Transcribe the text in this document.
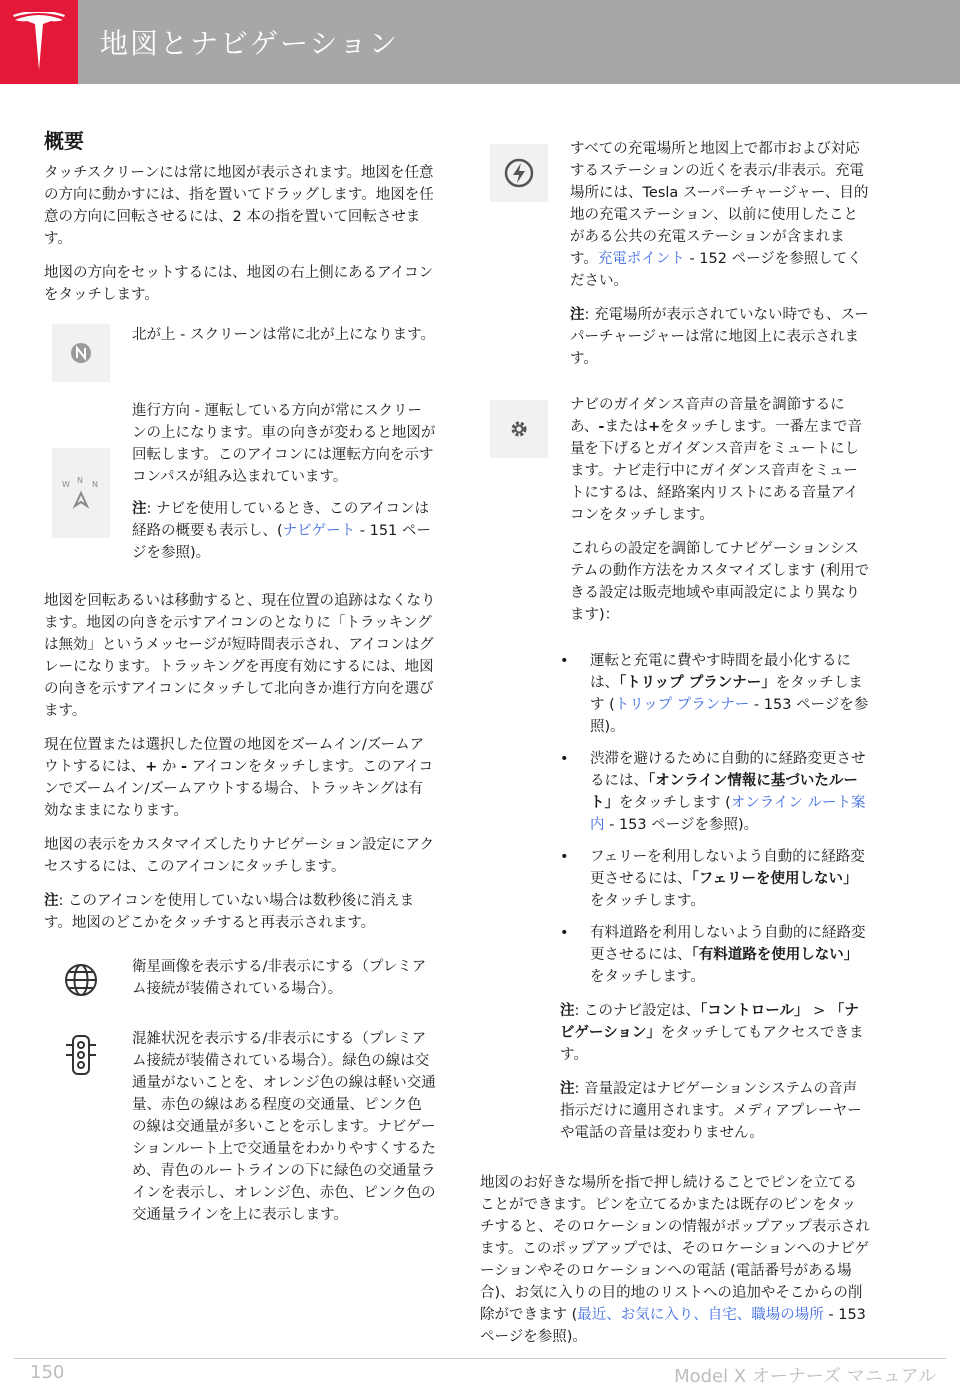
地図とナビゲーション
概要

タッチスクリーンには常に地図が表示されます。地図を任意の方向に動かすには、指を置いてドラッグします。地図を任意の方向に回転させるには、2 本の指を置いて回転させます。

地図の方向をセットするには、地図の右上側にあるアイコンをタッチします。

北が上 - スクリーンは常に北が上になります。

W N N

進行方向 - 運転している方向が常にスクリーンの上になります。車の向きが変わると地図が回転します。このアイコンには運転方向を示すコンパスが組み込まれています。

注: ナビを使用しているとき、このアイコンは経路の概要も表示し、(ナビゲート - 151 ページを参照)。

地図を回転あるいは移動すると、現在位置の追跡はなくなります。地図の向きを示すアイコンのとなりに「トラッキングは無効」というメッセージが短時間表示され、アイコンはグレーになります。トラッキングを再度有効にするには、地図の向きを示すアイコンにタッチして北向きか進行方向を選びます。

現在位置または選択した位置の地図をズームイン/ズームアウトするには、+ か - アイコンをタッチします。このアイコンでズームイン/ズームアウトする場合、トラッキングは有効なままになります。

地図の表示をカスタマイズしたりナビゲーション設定にアクセスするには、このアイコンにタッチします。

注: このアイコンを使用していない場合は数秒後に消えます。地図のどこかをタッチすると再表示されます。

衛星画像を表示する/非表示にする（プレミアム接続が装備されている場合）。

混雑状況を表示する/非表示にする（プレミアム接続が装備されている場合）。緑色の線は交通量がないことを、オレンジ色の線は軽い交通量、赤色の線はある程度の交通量、ピンク色の線は交通量が多いことを示します。ナビゲーションルート上で交通量をわかりやすくするため、青色のルートラインの下に緑色の交通量ラインを表示し、オレンジ色、赤色、ピンク色の交通量ラインを上に表示します。

すべての充電場所と地図上で都市および対応するステーションの近くを表示/非表示。充電場所には、Tesla スーパーチャージャー、目的地の充電ステーション、以前に使用したことがある公共の充電ステーションが含まれます。充電ポイント - 152 ページを参照してください。

注: 充電場所が表示されていない時でも、スーパーチャージャーは常に地図上に表示されます。

ナビのガイダンス音声の音量を調節するにあ、-または+をタッチします。一番左まで音量を下げるとガイダンス音声をミュートにします。ナビ走行中にガイダンス音声をミュートにするは、経路案内リストにある音量アイコンをタッチします。

これらの設定を調節してナビゲーションシステムの動作方法をカスタマイズします (利用できる設定は販売地域や車両設定により異なります)：

• 運転と充電に費やす時間を最小化するには、「トリップ プランナー」をタッチします (トリップ プランナー - 153 ページを参照)。
• 渋滞を避けるために自動的に経路変更させるには、「オンライン情報に基づいたルート」をタッチします (オンライン ルート案内 - 153 ページを参照)。
• フェリーを利用しないよう自動的に経路変更させるには、「フェリーを使用しない」をタッチします。
• 有料道路を利用しないよう自動的に経路変更させるには、「有料道路を使用しない」をタッチします。

注: このナビ設定は、「コントロール」 > 「ナビゲーション」をタッチしてもアクセスできます。

注: 音量設定はナビゲーションシステムの音声指示だけに適用されます。メディアプレーヤーや電話の音量は変わりません。

地図のお好きな場所を指で押し続けることでピンを立てることができます。ピンを立てるかまたは既存のピンをタッチすると、そのロケーションの情報がポップアップ表示されます。このポップアップでは、そのロケーションへのナビゲーションやそのロケーションへの電話 (電話番号がある場合)、お気に入りの目的地のリストへの追加やそこからの削除ができます (最近、お気に入り、自宅、職場の場所 - 153 ページを参照)。

150	Model X オーナーズ マニュアル
